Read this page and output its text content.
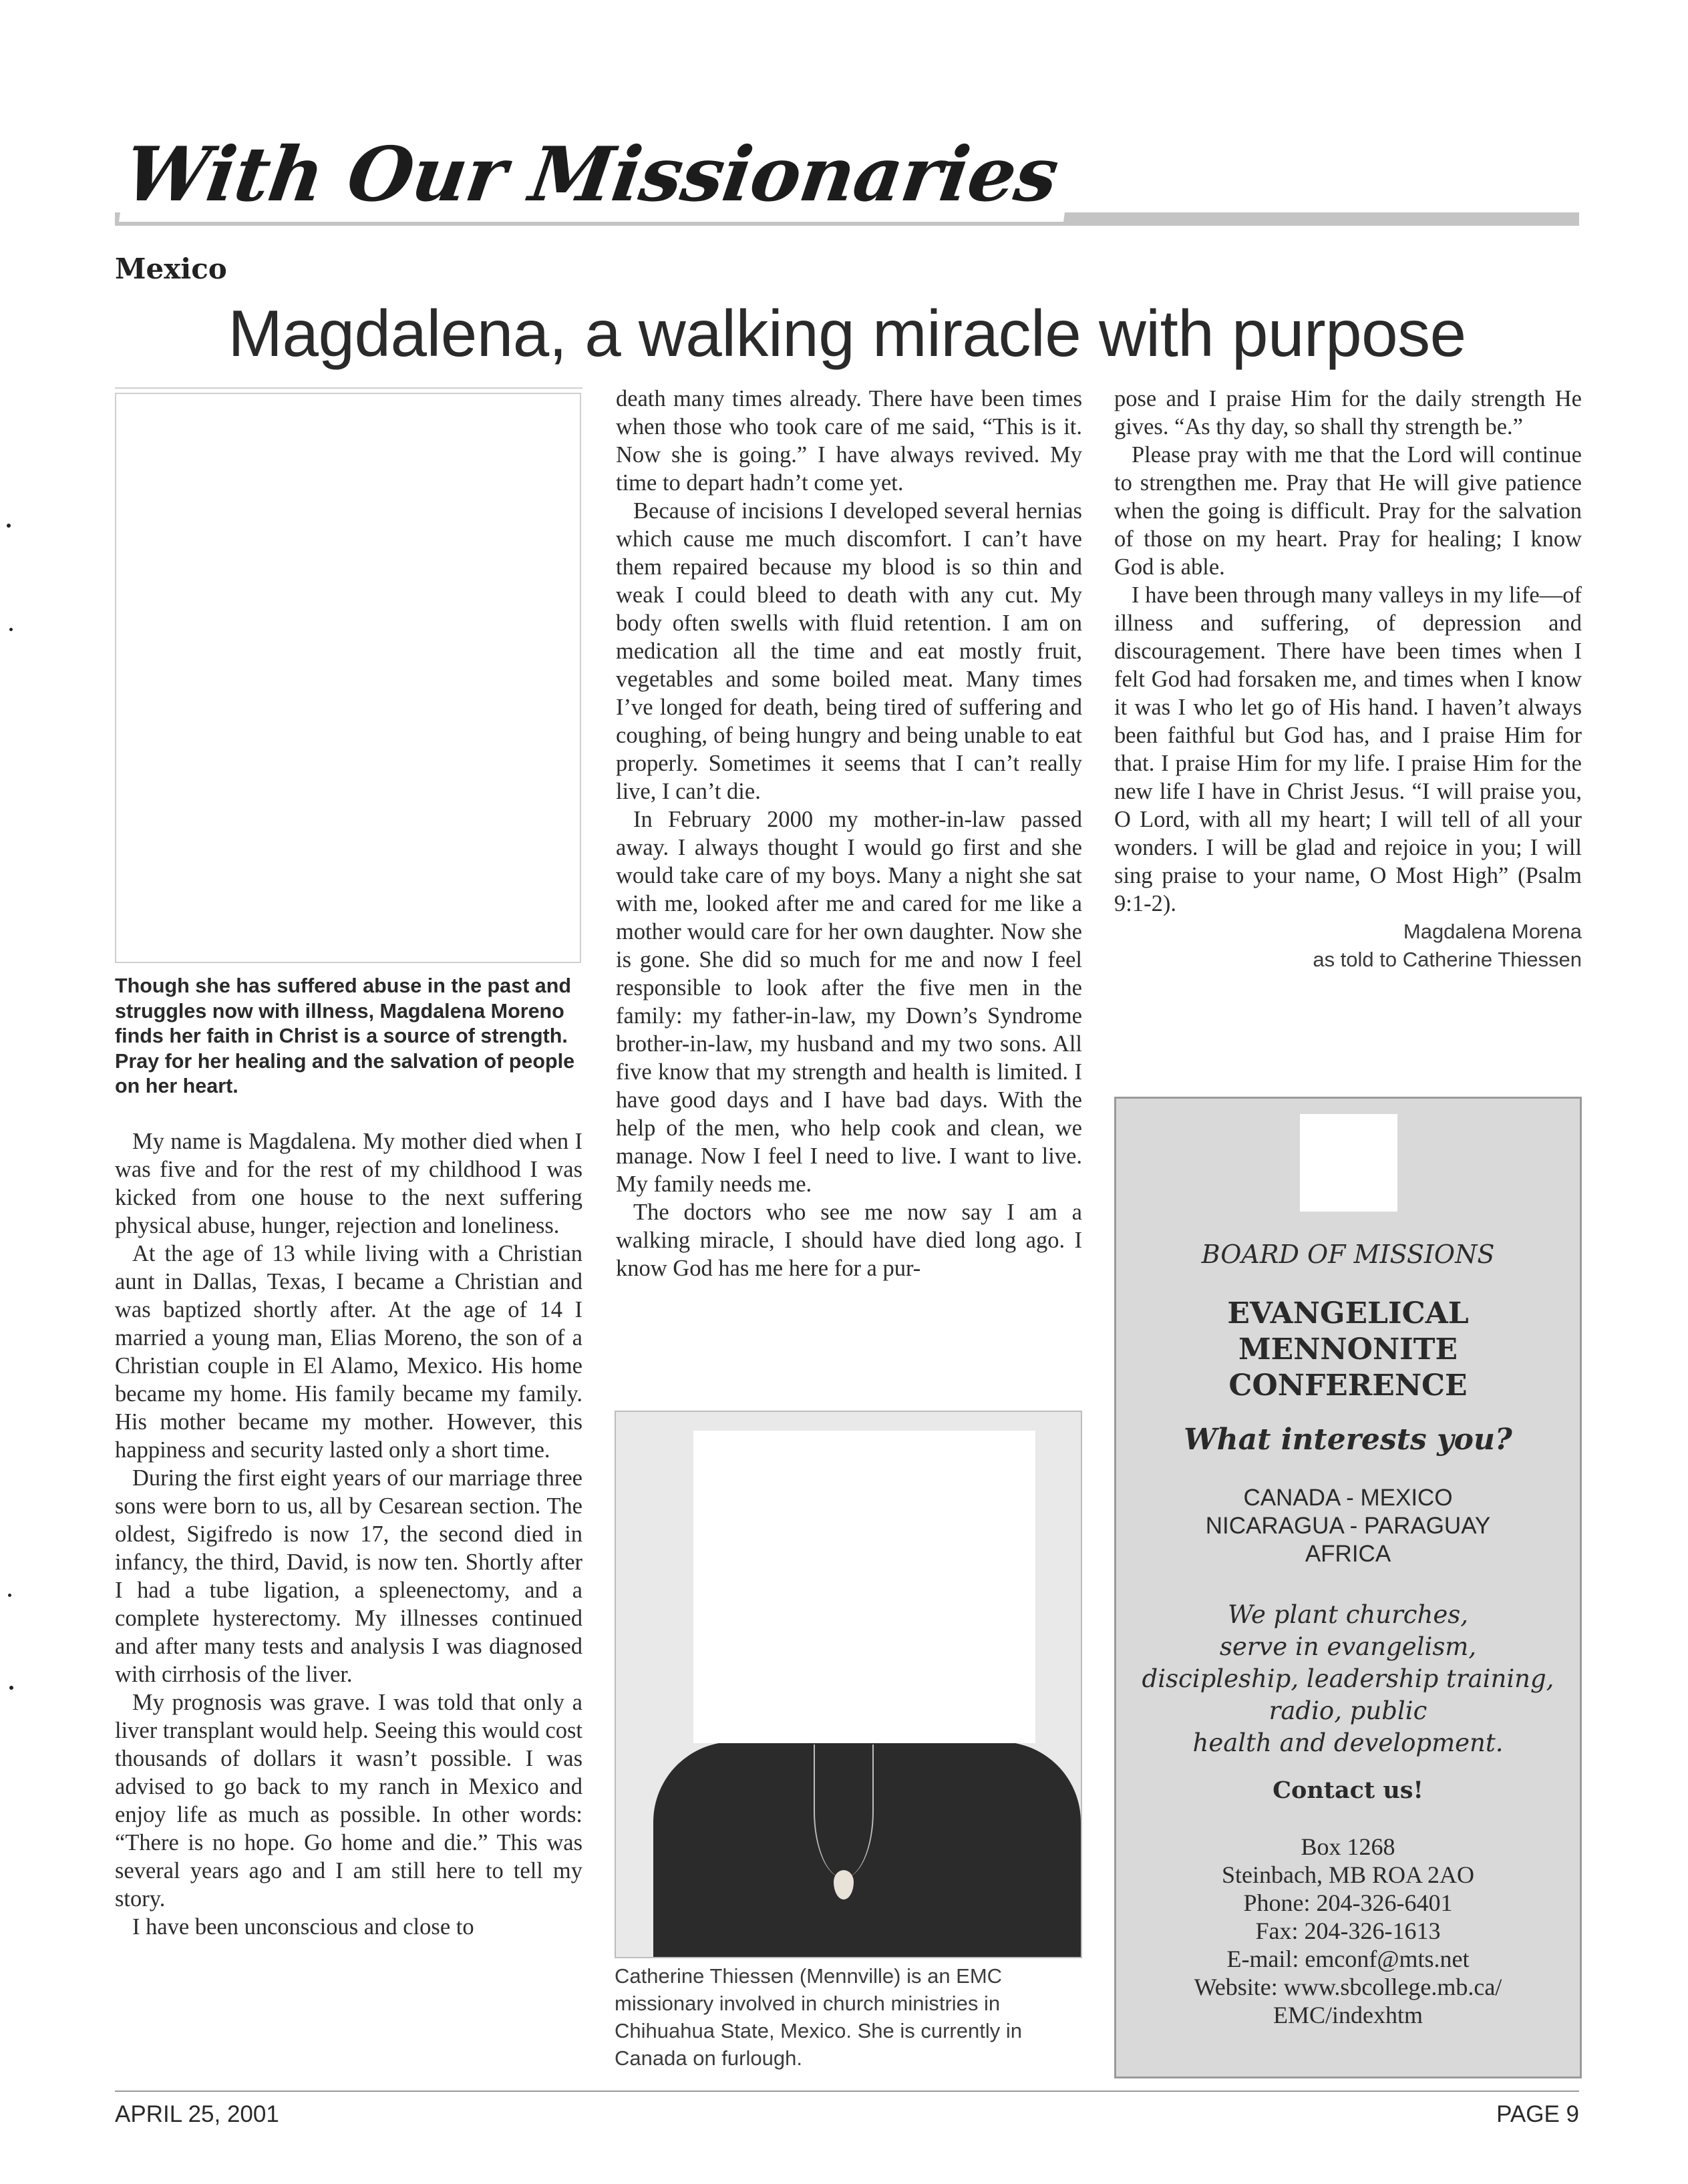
With Our Missionaries
Mexico
Magdalena, a walking miracle with purpose
Though she has suffered abuse in the past and struggles now with illness, Magdalena Moreno finds her faith in Christ is a source of strength. Pray for her healing and the salvation of people on her heart.

My name is Magdalena. My mother died when I was five and for the rest of my childhood I was kicked from one house to the next suffering physical abuse, hunger, rejection and loneliness.

At the age of 13 while living with a Christian aunt in Dallas, Texas, I became a Christian and was baptized shortly after. At the age of 14 I married a young man, Elias Moreno, the son of a Christian couple in El Alamo, Mexico. His home became my home. His family became my family. His mother became my mother. However, this happiness and security lasted only a short time.

During the first eight years of our marriage three sons were born to us, all by Cesarean section. The oldest, Sigifredo is now 17, the second died in infancy, the third, David, is now ten. Shortly after I had a tube ligation, a spleenectomy, and a complete hysterectomy. My illnesses continued and after many tests and analysis I was diagnosed with cirrhosis of the liver.

My prognosis was grave. I was told that only a liver transplant would help. Seeing this would cost thousands of dollars it wasn’t possible. I was advised to go back to my ranch in Mexico and enjoy life as much as possible. In other words: “There is no hope. Go home and die.” This was several years ago and I am still here to tell my story.

I have been unconscious and close to

death many times already. There have been times when those who took care of me said, “This is it. Now she is going.” I have always revived. My time to depart hadn’t come yet.

Because of incisions I developed several hernias which cause me much discomfort. I can’t have them repaired because my blood is so thin and weak I could bleed to death with any cut. My body often swells with fluid retention. I am on medication all the time and eat mostly fruit, vegetables and some boiled meat. Many times I’ve longed for death, being tired of suffering and coughing, of being hungry and being unable to eat properly. Sometimes it seems that I can’t really live, I can’t die.

In February 2000 my mother-in-law passed away. I always thought I would go first and she would take care of my boys. Many a night she sat with me, looked after me and cared for me like a mother would care for her own daughter. Now she is gone. She did so much for me and now I feel responsible to look after the five men in the family: my father-in-law, my Down’s Syndrome brother-in-law, my husband and my two sons. All five know that my strength and health is limited. I have good days and I have bad days. With the help of the men, who help cook and clean, we manage. Now I feel I need to live. I want to live. My family needs me.

The doctors who see me now say I am a walking miracle, I should have died long ago. I know God has me here for a pur-

Catherine Thiessen (Mennville) is an EMC missionary involved in church ministries in Chihuahua State, Mexico. She is currently in Canada on furlough.

pose and I praise Him for the daily strength He gives. “As thy day, so shall thy strength be.”

Please pray with me that the Lord will continue to strengthen me. Pray that He will give patience when the going is difficult. Pray for the salvation of those on my heart. Pray for healing; I know God is able.

I have been through many valleys in my life—of illness and suffering, of depression and discouragement. There have been times when I felt God had forsaken me, and times when I know it was I who let go of His hand. I haven’t always been faithful but God has, and I praise Him for that. I praise Him for my life. I praise Him for the new life I have in Christ Jesus. “I will praise you, O Lord, with all my heart; I will tell of all your wonders. I will be glad and rejoice in you; I will sing praise to your name, O Most High” (Psalm 9:1-2).

Magdalena Morena
as told to Catherine Thiessen
BOARD OF MISSIONS
EVANGELICAL
MENNONITE
CONFERENCE
What interests you?
CANADA - MEXICO
NICARAGUA - PARAGUAY
AFRICA
We plant churches,
serve in evangelism,
discipleship, leadership training,
radio, public
health and development.
Contact us!
Box 1268
Steinbach, MB ROA 2AO
Phone: 204-326-6401
Fax: 204-326-1613
E-mail: emconf@mts.net
Website: www.sbcollege.mb.ca/
EMC/indexhtm
APRIL 25, 2001	PAGE 9
